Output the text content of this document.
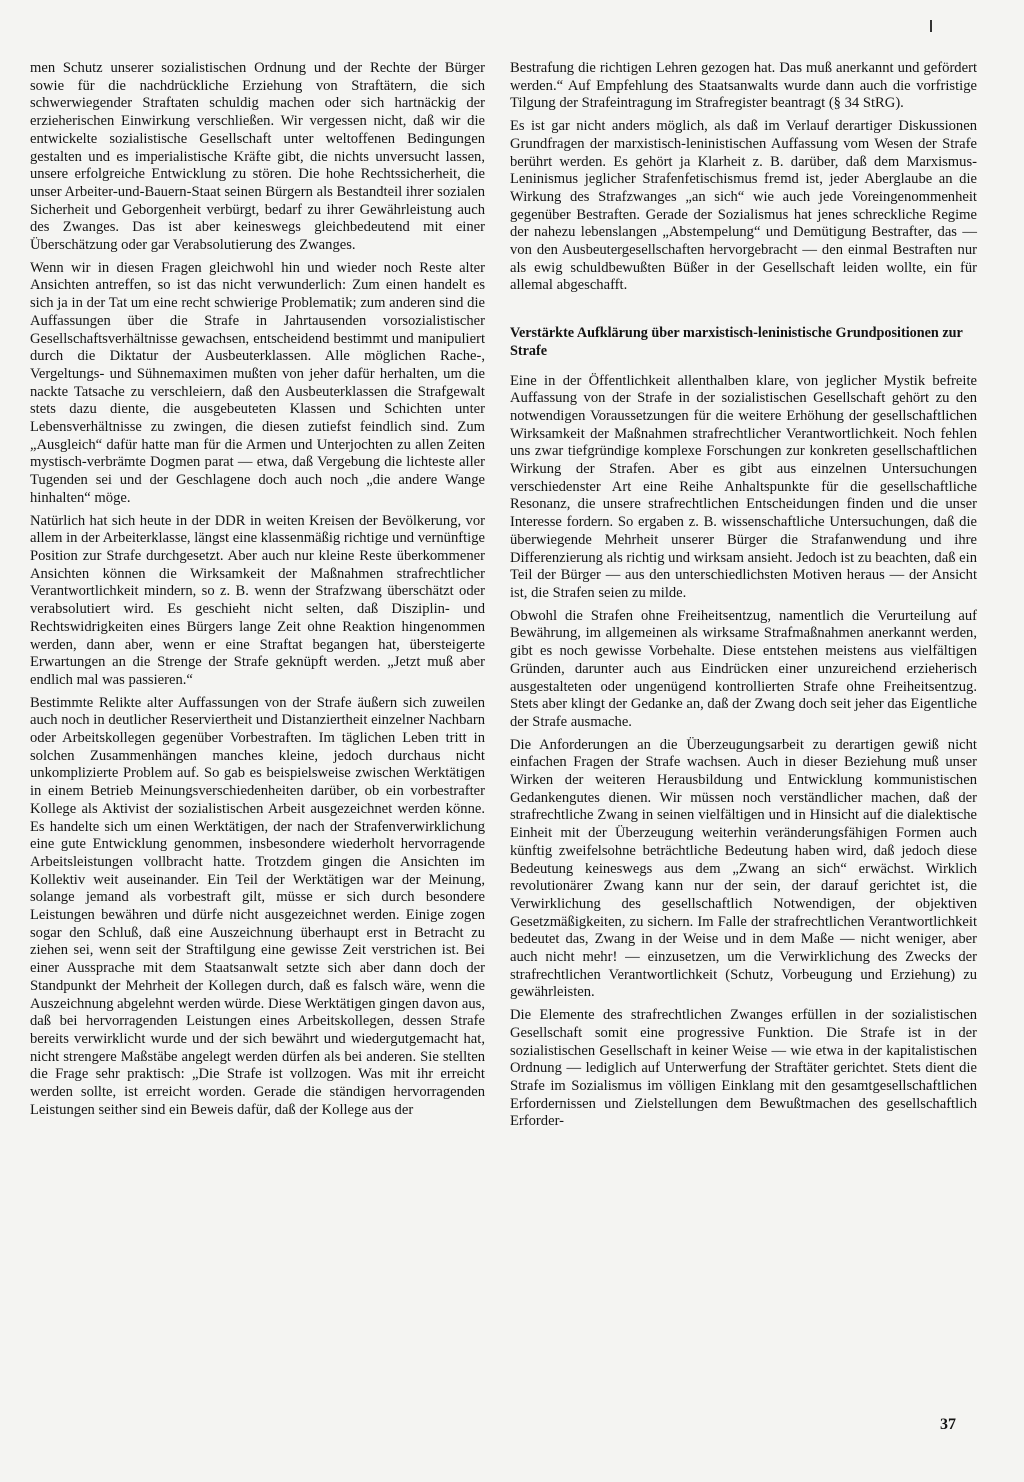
men Schutz unserer sozialistischen Ordnung und der Rechte der Bürger sowie für die nachdrückliche Erziehung von Straftätern, die sich schwerwiegender Straftaten schuldig machen oder sich hartnäckig der erzieherischen Einwirkung verschließen. Wir vergessen nicht, daß wir die entwickelte sozialistische Gesellschaft unter weltoffenen Bedingungen gestalten und es imperialistische Kräfte gibt, die nichts unversucht lassen, unsere erfolgreiche Entwicklung zu stören. Die hohe Rechtssicherheit, die unser Arbeiter-und-Bauern-Staat seinen Bürgern als Bestandteil ihrer sozialen Sicherheit und Geborgenheit verbürgt, bedarf zu ihrer Gewährleistung auch des Zwanges. Das ist aber keineswegs gleichbedeutend mit einer Überschätzung oder gar Verabsolutierung des Zwanges.

Wenn wir in diesen Fragen gleichwohl hin und wieder noch Reste alter Ansichten antreffen, so ist das nicht verwunderlich: Zum einen handelt es sich ja in der Tat um eine recht schwierige Problematik; zum anderen sind die Auffassungen über die Strafe in Jahrtausenden vorsozialistischer Gesellschaftsverhältnisse gewachsen, entscheidend bestimmt und manipuliert durch die Diktatur der Ausbeuterklassen. Alle möglichen Rache-, Vergeltungs- und Sühnemaximen mußten von jeher dafür herhalten, um die nackte Tatsache zu verschleiern, daß den Ausbeuterklassen die Strafgewalt stets dazu diente, die ausgebeuteten Klassen und Schichten unter Lebensverhältnisse zu zwingen, die diesen zutiefst feindlich sind. Zum „Ausgleich“ dafür hatte man für die Armen und Unterjochten zu allen Zeiten mystisch-verbrämte Dogmen parat — etwa, daß Vergebung die lichteste aller Tugenden sei und der Geschlagene doch auch noch „die andere Wange hinhalten“ möge.

Natürlich hat sich heute in der DDR in weiten Kreisen der Bevölkerung, vor allem in der Arbeiterklasse, längst eine klassenmäßig richtige und vernünftige Position zur Strafe durchgesetzt. Aber auch nur kleine Reste überkommener Ansichten können die Wirksamkeit der Maßnahmen strafrechtlicher Verantwortlichkeit mindern, so z. B. wenn der Strafzwang überschätzt oder verabsolutiert wird. Es geschieht nicht selten, daß Disziplin- und Rechtswidrigkeiten eines Bürgers lange Zeit ohne Reaktion hingenommen werden, dann aber, wenn er eine Straftat begangen hat, übersteigerte Erwartungen an die Strenge der Strafe geknüpft werden. „Jetzt muß aber endlich mal was passieren.“

Bestimmte Relikte alter Auffassungen von der Strafe äußern sich zuweilen auch noch in deutlicher Reserviertheit und Distanziertheit einzelner Nachbarn oder Arbeitskollegen gegenüber Vorbestraften. Im täglichen Leben tritt in solchen Zusammenhängen manches kleine, jedoch durchaus nicht unkomplizierte Problem auf. So gab es beispielsweise zwischen Werktätigen in einem Betrieb Meinungsverschiedenheiten darüber, ob ein vorbestrafter Kollege als Aktivist der sozialistischen Arbeit ausgezeichnet werden könne. Es handelte sich um einen Werktätigen, der nach der Strafenverwirklichung eine gute Entwicklung genommen, insbesondere wiederholt hervorragende Arbeitsleistungen vollbracht hatte. Trotzdem gingen die Ansichten im Kollektiv weit auseinander. Ein Teil der Werktätigen war der Meinung, solange jemand als vorbestraft gilt, müsse er sich durch besondere Leistungen bewähren und dürfe nicht ausgezeichnet werden. Einige zogen sogar den Schluß, daß eine Auszeichnung überhaupt erst in Betracht zu ziehen sei, wenn seit der Straftilgung eine gewisse Zeit verstrichen ist. Bei einer Aussprache mit dem Staatsanwalt setzte sich aber dann doch der Standpunkt der Mehrheit der Kollegen durch, daß es falsch wäre, wenn die Auszeichnung abgelehnt werden würde. Diese Werktätigen gingen davon aus, daß bei hervorragenden Leistungen eines Arbeitskollegen, dessen Strafe bereits verwirklicht wurde und der sich bewährt und wiedergutgemacht hat, nicht strengere Maßstäbe angelegt werden dürfen als bei anderen. Sie stellten die Frage sehr praktisch: „Die Strafe ist vollzogen. Was mit ihr erreicht werden sollte, ist erreicht worden. Gerade die ständigen hervorragenden Leistungen seither sind ein Beweis dafür, daß der Kollege aus der

Bestrafung die richtigen Lehren gezogen hat. Das muß anerkannt und gefördert werden.“ Auf Empfehlung des Staatsanwalts wurde dann auch die vorfristige Tilgung der Strafeintragung im Strafregister beantragt (§ 34 StRG).

Es ist gar nicht anders möglich, als daß im Verlauf derartiger Diskussionen Grundfragen der marxistisch-leninistischen Auffassung vom Wesen der Strafe berührt werden. Es gehört ja Klarheit z. B. darüber, daß dem Marxismus-Leninismus jeglicher Strafenfetischismus fremd ist, jeder Aberglaube an die Wirkung des Strafzwanges „an sich“ wie auch jede Voreingenommenheit gegenüber Bestraften. Gerade der Sozialismus hat jenes schreckliche Regime der nahezu lebenslangen „Abstempelung“ und Demütigung Bestrafter, das — von den Ausbeutergesellschaften hervorgebracht — den einmal Bestraften nur als ewig schuldbewußten Büßer in der Gesellschaft leiden wollte, ein für allemal abgeschafft.

Verstärkte Aufklärung über marxistisch-leninistische Grundpositionen zur Strafe

Eine in der Öffentlichkeit allenthalben klare, von jeglicher Mystik befreite Auffassung von der Strafe in der sozialistischen Gesellschaft gehört zu den notwendigen Voraussetzungen für die weitere Erhöhung der gesellschaftlichen Wirksamkeit der Maßnahmen strafrechtlicher Verantwortlichkeit. Noch fehlen uns zwar tiefgründige komplexe Forschungen zur konkreten gesellschaftlichen Wirkung der Strafen. Aber es gibt aus einzelnen Untersuchungen verschiedenster Art eine Reihe Anhaltspunkte für die gesellschaftliche Resonanz, die unsere strafrechtlichen Entscheidungen finden und die unser Interesse fordern. So ergaben z. B. wissenschaftliche Untersuchungen, daß die überwiegende Mehrheit unserer Bürger die Strafanwendung und ihre Differenzierung als richtig und wirksam ansieht. Jedoch ist zu beachten, daß ein Teil der Bürger — aus den unterschiedlichsten Motiven heraus — der Ansicht ist, die Strafen seien zu milde.

Obwohl die Strafen ohne Freiheitsentzug, namentlich die Verurteilung auf Bewährung, im allgemeinen als wirksame Strafmaßnahmen anerkannt werden, gibt es noch gewisse Vorbehalte. Diese entstehen meistens aus vielfältigen Gründen, darunter auch aus Eindrücken einer unzureichend erzieherisch ausgestalteten oder ungenügend kontrollierten Strafe ohne Freiheitsentzug. Stets aber klingt der Gedanke an, daß der Zwang doch seit jeher das Eigentliche der Strafe ausmache.

Die Anforderungen an die Überzeugungsarbeit zu derartigen gewiß nicht einfachen Fragen der Strafe wachsen. Auch in dieser Beziehung muß unser Wirken der weiteren Herausbildung und Entwicklung kommunistischen Gedankengutes dienen. Wir müssen noch verständlicher machen, daß der strafrechtliche Zwang in seinen vielfältigen und in Hinsicht auf die dialektische Einheit mit der Überzeugung weiterhin veränderungsfähigen Formen auch künftig zweifelsohne beträchtliche Bedeutung haben wird, daß jedoch diese Bedeutung keineswegs aus dem „Zwang an sich“ erwächst. Wirklich revolutionärer Zwang kann nur der sein, der darauf gerichtet ist, die Verwirklichung des gesellschaftlich Notwendigen, der objektiven Gesetzmäßigkeiten, zu sichern. Im Falle der strafrechtlichen Verantwortlichkeit bedeutet das, Zwang in der Weise und in dem Maße — nicht weniger, aber auch nicht mehr! — einzusetzen, um die Verwirklichung des Zwecks der strafrechtlichen Verantwortlichkeit (Schutz, Vorbeugung und Erziehung) zu gewährleisten.

Die Elemente des strafrechtlichen Zwanges erfüllen in der sozialistischen Gesellschaft somit eine progressive Funktion. Die Strafe ist in der sozialistischen Gesellschaft in keiner Weise — wie etwa in der kapitalistischen Ordnung — lediglich auf Unterwerfung der Straftäter gerichtet. Stets dient die Strafe im Sozialismus im völligen Einklang mit den gesamtgesellschaftlichen Erfordernissen und Zielstellungen dem Bewußtmachen des gesellschaftlich Erforder-

37
